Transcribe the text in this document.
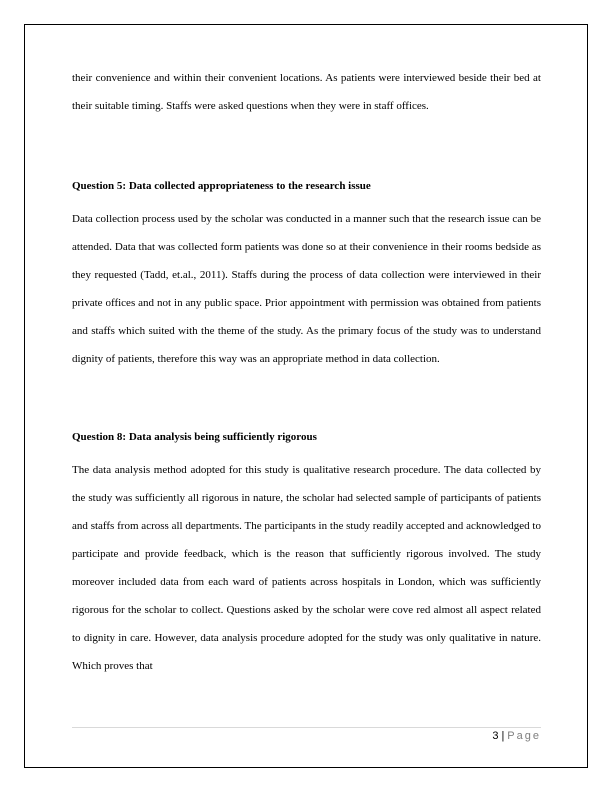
their convenience and within their convenient locations. As patients were interviewed beside their bed at their suitable timing. Staffs were asked questions when they were in staff offices.

Question 5: Data collected appropriateness to the research issue

Data collection process used by the scholar was conducted in a manner such that the research issue can be attended. Data that was collected form patients was done so at their convenience in their rooms bedside as they requested (Tadd, et.al., 2011). Staffs during the process of data collection were interviewed in their private offices and not in any public space. Prior appointment with permission was obtained from patients and staffs which suited with the theme of the study. As the primary focus of the study was to understand dignity of patients, therefore this way was an appropriate method in data collection.

Question 8: Data analysis being sufficiently rigorous

The data analysis method adopted for this study is qualitative research procedure. The data collected by the study was sufficiently all rigorous in nature, the scholar had selected sample of participants of patients and staffs from across all departments. The participants in the study readily accepted and acknowledged to participate and provide feedback, which is the reason that sufficiently rigorous involved. The study moreover included data from each ward of patients across hospitals in London, which was sufficiently rigorous for the scholar to collect. Questions asked by the scholar were cove red almost all aspect related to dignity in care. However, data analysis procedure adopted for the study was only qualitative in nature. Which proves that

3 | Page
